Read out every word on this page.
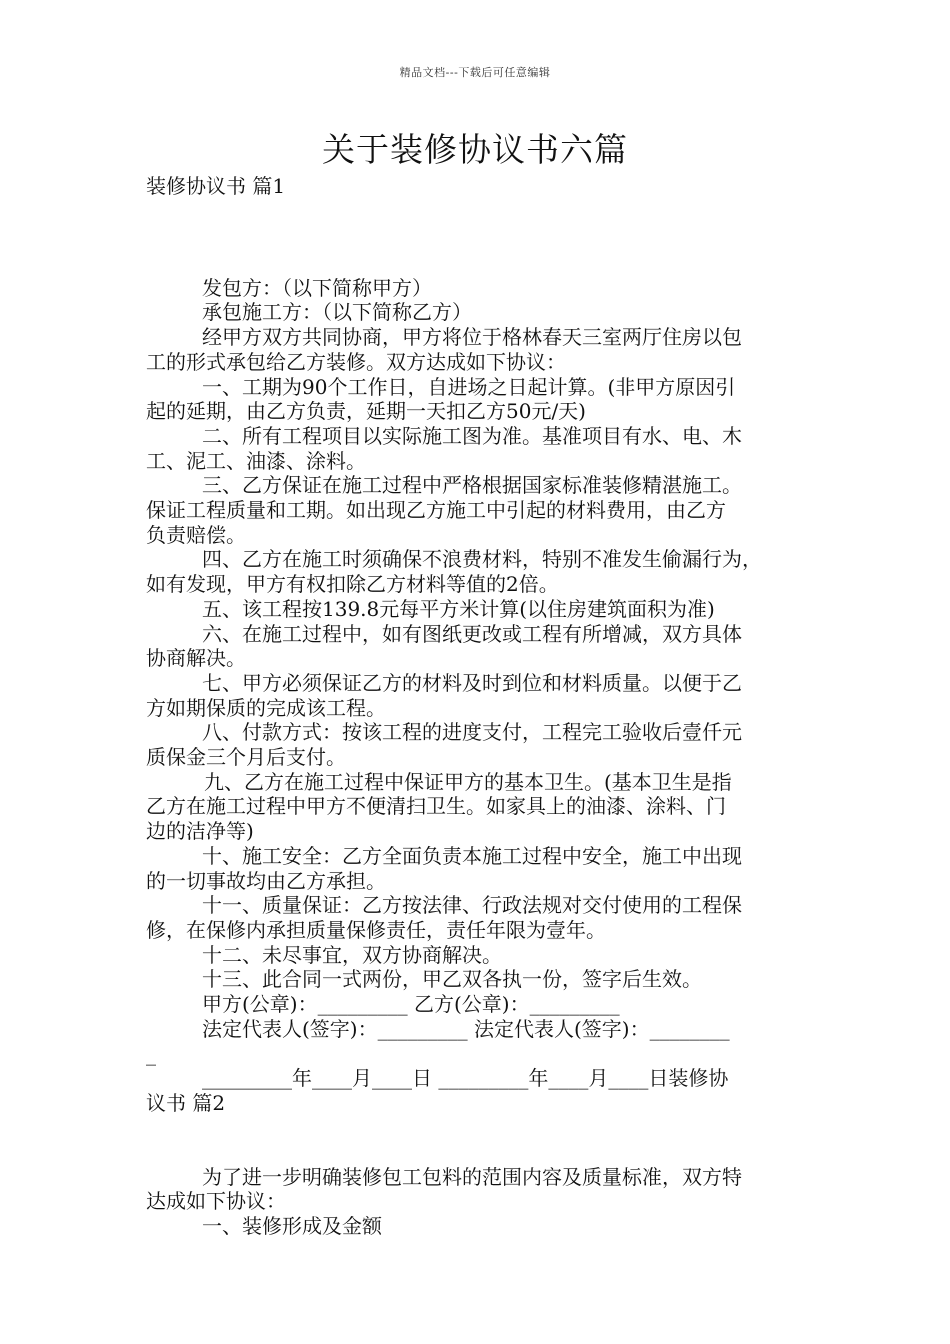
精品文档---下载后可任意编辑
关于装修协议书六篇

装修协议书 篇1

发包方：（以下简称甲方）

承包施工方：（以下简称乙方）

经甲方双方共同协商，甲方将位于格林春天三室两厅住房以包

工的形式承包给乙方装修。双方达成如下协议：

一、工期为90个工作日，自进场之日起计算。(非甲方原因引

起的延期，由乙方负责，延期一天扣乙方50元/天)

二、所有工程项目以实际施工图为准。基准项目有水、电、木

工、泥工、油漆、涂料。

三、乙方保证在施工过程中严格根据国家标准装修精湛施工。

保证工程质量和工期。如出现乙方施工中引起的材料费用，由乙方

负责赔偿。

四、乙方在施工时须确保不浪费材料，特别不准发生偷漏行为，

如有发现，甲方有权扣除乙方材料等值的2倍。

五、该工程按139.8元每平方米计算(以住房建筑面积为准)

六、在施工过程中，如有图纸更改或工程有所增减，双方具体

协商解决。

七、甲方必须保证乙方的材料及时到位和材料质量。以便于乙

方如期保质的完成该工程。

八、付款方式：按该工程的进度支付，工程完工验收后壹仟元

质保金三个月后支付。

九、乙方在施工过程中保证甲方的基本卫生。(基本卫生是指

乙方在施工过程中甲方不便清扫卫生。如家具上的油漆、涂料、门

边的洁净等)

十、施工安全：乙方全面负责本施工过程中安全，施工中出现

的一切事故均由乙方承担。

十一、质量保证：乙方按法律、行政法规对交付使用的工程保

修，在保修内承担质量保修责任，责任年限为壹年。

十二、未尽事宜，双方协商解决。

十三、此合同一式两份，甲乙双各执一份，签字后生效。

甲方(公章)：_________ 乙方(公章)：_________

法定代表人(签字)：_________ 法定代表人(签字)：________

_

_________年____月____日 _________年____月____日装修协

议书 篇2

为了进一步明确装修包工包料的范围内容及质量标准，双方特

达成如下协议：

一、装修形成及金额
